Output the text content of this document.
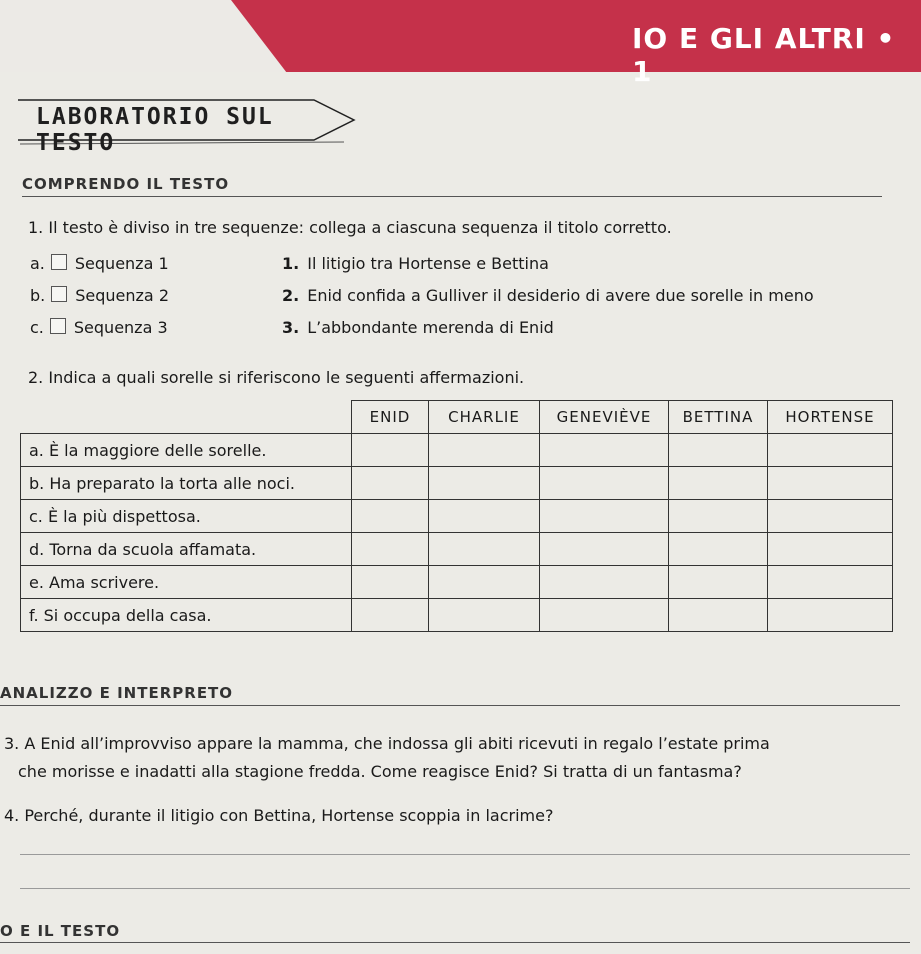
IO E GLI ALTRI • 1
LABORATORIO SUL TESTO
COMPRENDO IL TESTO
1. Il testo è diviso in tre sequenze: collega a ciascuna sequenza il titolo corretto.
a. Sequenza 1
b. Sequenza 2
c. Sequenza 3
1. Il litigio tra Hortense e Bettina
2. Enid confida a Gulliver il desiderio di avere due sorelle in meno
3. L’abbondante merenda di Enid
2. Indica a quali sorelle si riferiscono le seguenti affermazioni.
	ENID	CHARLIE	GENEVIÈVE	BETTINA	HORTENSE
a. È la maggiore delle sorelle.					
b. Ha preparato la torta alle noci.					
c. È la più dispettosa.					
d. Torna da scuola affamata.					
e. Ama scrivere.					
f. Si occupa della casa.					
ANALIZZO E INTERPRETO
3. A Enid all’improvviso appare la mamma, che indossa gli abiti ricevuti in regalo l’estate prima
che morisse e inadatti alla stagione fredda. Come reagisce Enid? Si tratta di un fantasma?
4. Perché, durante il litigio con Bettina, Hortense scoppia in lacrime?
O E IL TESTO
